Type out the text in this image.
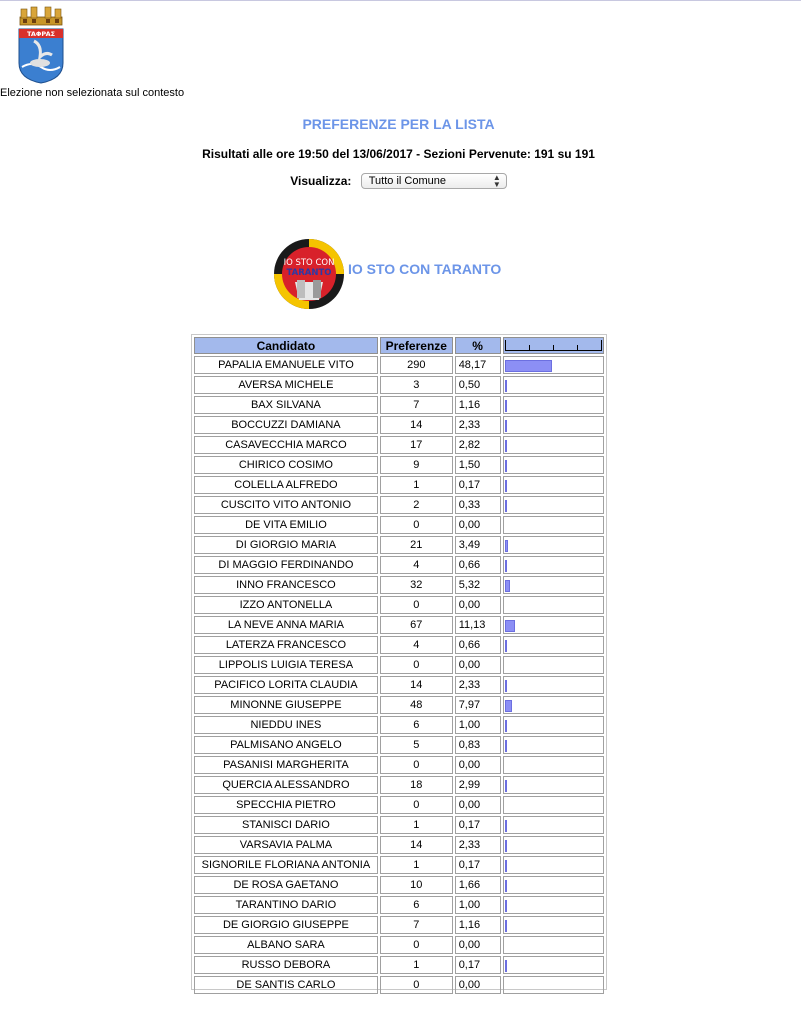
TAΦPAΣ
Elezione non selezionata sul contesto
PREFERENZE PER LA LISTA
Risultati alle ore 19:50 del 13/06/2017 - Sezioni Pervenute: 191 su 191
Visualizza: Tutto il Comune	▲
▼
IO STO CON
TARANTO IO STO CON TARANTO
Candidato	Preferenze	%	

PAPALIA EMANUELE VITO	290	48,17	

AVERSA MICHELE	3	0,50	

BAX SILVANA	7	1,16	

BOCCUZZI DAMIANA	14	2,33	

CASAVECCHIA MARCO	17	2,82	

CHIRICO COSIMO	9	1,50	

COLELLA ALFREDO	1	0,17	

CUSCITO VITO ANTONIO	2	0,33	

DE VITA EMILIO	0	0,00	
DI GIORGIO MARIA	21	3,49	

DI MAGGIO FERDINANDO	4	0,66	

INNO FRANCESCO	32	5,32	

IZZO ANTONELLA	0	0,00	
LA NEVE ANNA MARIA	67	11,13	

LATERZA FRANCESCO	4	0,66	

LIPPOLIS LUIGIA TERESA	0	0,00	
PACIFICO LORITA CLAUDIA	14	2,33	

MINONNE GIUSEPPE	48	7,97	

NIEDDU INES	6	1,00	

PALMISANO ANGELO	5	0,83	

PASANISI MARGHERITA	0	0,00	
QUERCIA ALESSANDRO	18	2,99	

SPECCHIA PIETRO	0	0,00	
STANISCI DARIO	1	0,17	

VARSAVIA PALMA	14	2,33	

SIGNORILE FLORIANA ANTONIA	1	0,17	

DE ROSA GAETANO	10	1,66	

TARANTINO DARIO	6	1,00	

DE GIORGIO GIUSEPPE	7	1,16	

ALBANO SARA	0	0,00	
RUSSO DEBORA	1	0,17	

DE SANTIS CARLO	0	0,00	
